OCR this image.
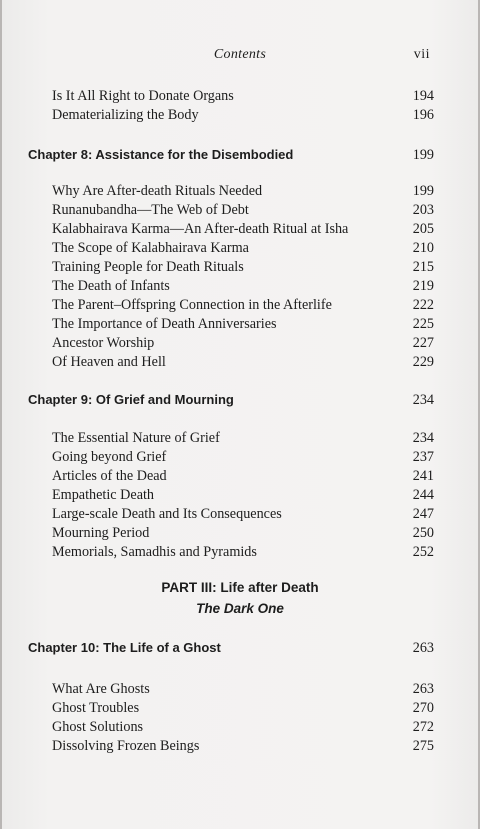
Contents	vii
Is It All Right to Donate Organs	194
Dematerializing the Body	196
Chapter 8: Assistance for the Disembodied	199
Why Are After-death Rituals Needed	199
Runanubandha—The Web of Debt	203
Kalabhairava Karma—An After-death Ritual at Isha	205
The Scope of Kalabhairava Karma	210
Training People for Death Rituals	215
The Death of Infants	219
The Parent–Offspring Connection in the Afterlife	222
The Importance of Death Anniversaries	225
Ancestor Worship	227
Of Heaven and Hell	229
Chapter 9: Of Grief and Mourning	234
The Essential Nature of Grief	234
Going beyond Grief	237
Articles of the Dead	241
Empathetic Death	244
Large-scale Death and Its Consequences	247
Mourning Period	250
Memorials, Samadhis and Pyramids	252
PART III: Life after Death
The Dark One
Chapter 10: The Life of a Ghost	263
What Are Ghosts	263
Ghost Troubles	270
Ghost Solutions	272
Dissolving Frozen Beings	275
